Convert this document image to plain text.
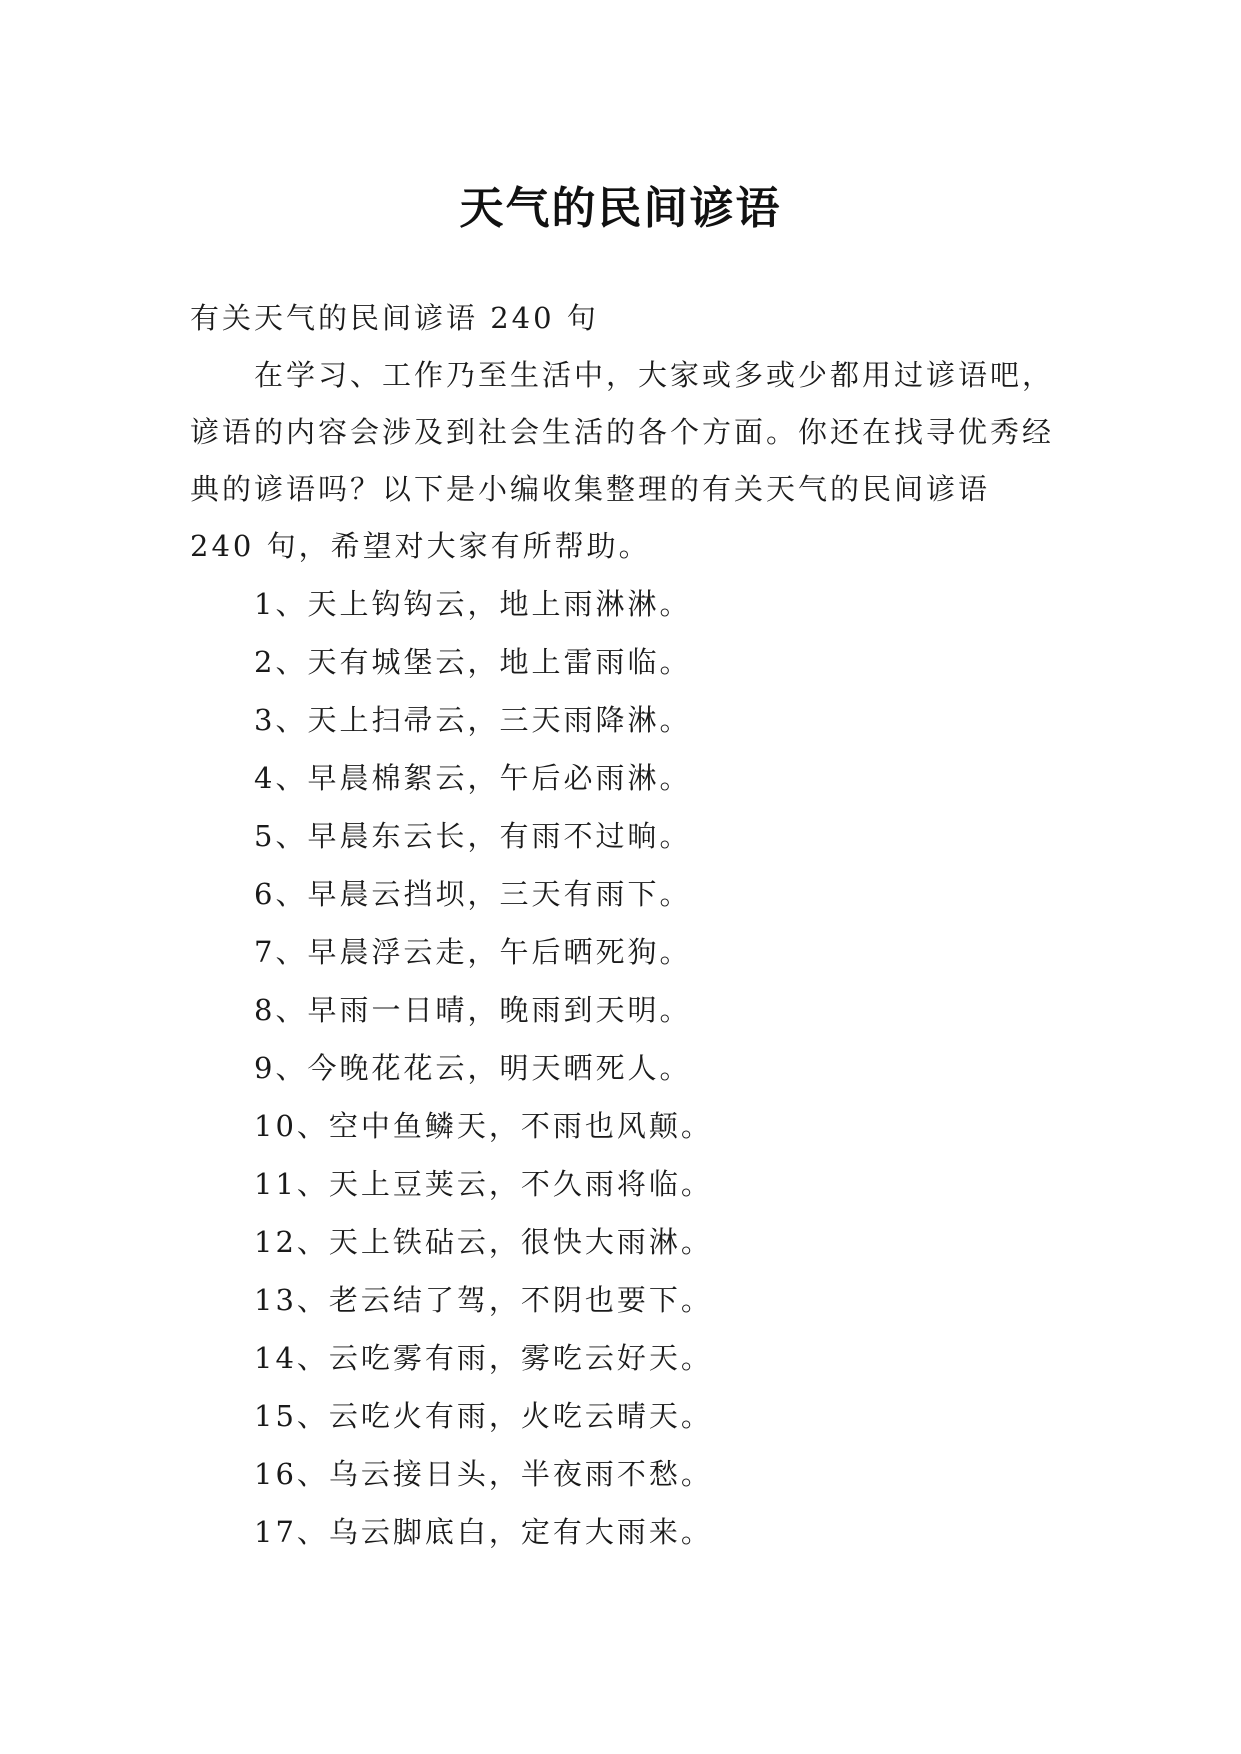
天气的民间谚语

有关天气的民间谚语 240 句

在学习、工作乃至生活中，大家或多或少都用过谚语吧，谚语的内容会涉及到社会生活的各个方面。你还在找寻优秀经典的谚语吗？以下是小编收集整理的有关天气的民间谚语 240 句，希望对大家有所帮助。

1、天上钩钩云，地上雨淋淋。
2、天有城堡云，地上雷雨临。
3、天上扫帚云，三天雨降淋。
4、早晨棉絮云，午后必雨淋。
5、早晨东云长，有雨不过晌。
6、早晨云挡坝，三天有雨下。
7、早晨浮云走，午后晒死狗。
8、早雨一日晴，晚雨到天明。
9、今晚花花云，明天晒死人。
10、空中鱼鳞天，不雨也风颠。
11、天上豆荚云，不久雨将临。
12、天上铁砧云，很快大雨淋。
13、老云结了驾，不阴也要下。
14、云吃雾有雨，雾吃云好天。
15、云吃火有雨，火吃云晴天。
16、乌云接日头，半夜雨不愁。
17、乌云脚底白，定有大雨来。
